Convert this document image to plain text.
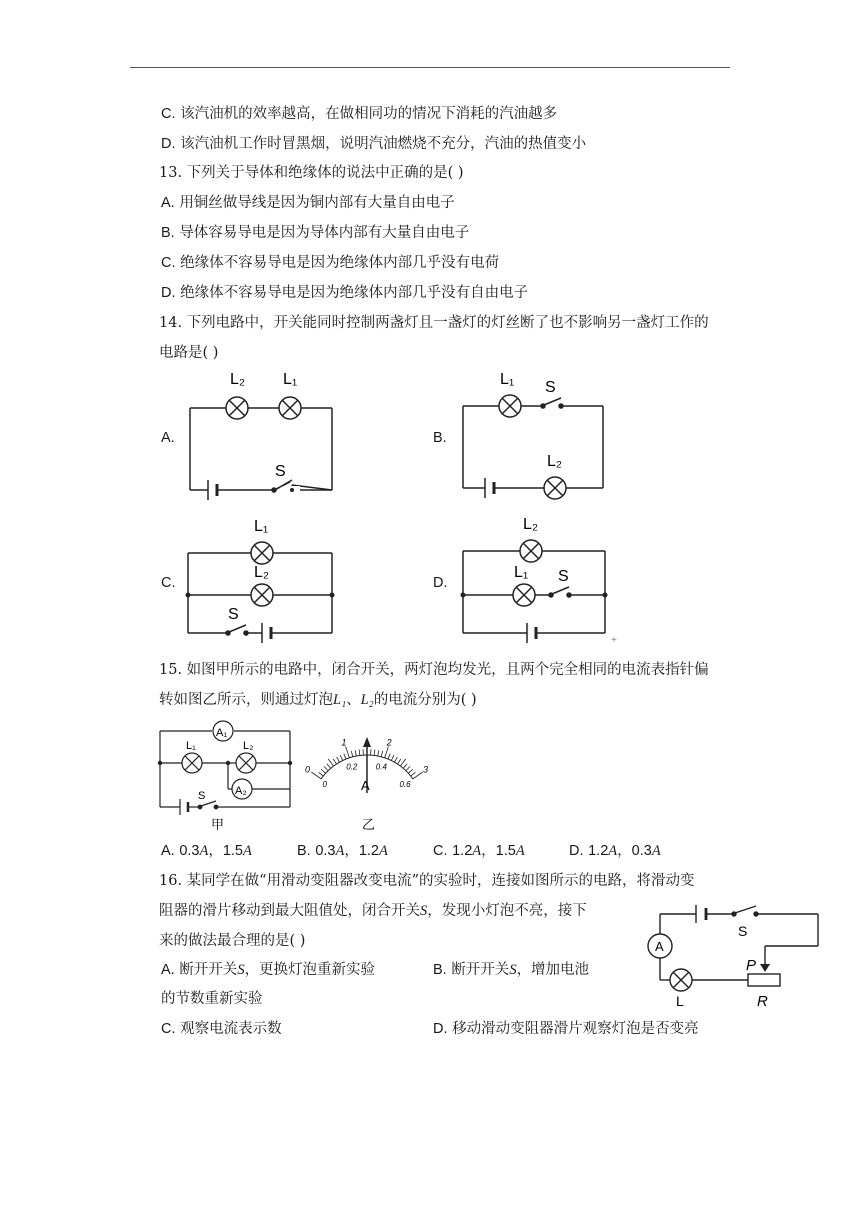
C. 该汽油机的效率越高，在做相同功的情况下消耗的汽油越多
D. 该汽油机工作时冒黑烟，说明汽油燃烧不充分，汽油的热值变小
13. 下列关于导体和绝缘体的说法中正确的是( )
A. 用铜丝做导线是因为铜内部有大量自由电子
B. 导体容易导电是因为导体内部有大量自由电子
C. 绝缘体不容易导电是因为绝缘体内部几乎没有电荷
D. 绝缘体不容易导电是因为绝缘体内部几乎没有自由电子
14. 下列电路中，开关能同时控制两盏灯且一盏灯的灯丝断了也不影响另一盏灯工作的
电路是( )
A.	B.
C.	D.
L₂ L₁
S
L₁ S
L₂
L₁
L₂
S
L₂
L₁ S
+
15. 如图甲所示的电路中，闭合开关，两灯泡均发光，且两个完全相同的电流表指针偏
转如图乙所示，则通过灯泡L₁、L₂的电流分别为( )
A₁
A₂
L₁	L₂
S
甲
0
1	2
3
0
0.2 0.4
0.6
A
乙
A. 0.3A，1.5A	B. 0.3A，1.2A	C. 1.2A，1.5A	D. 1.2A，0.3A
16. 某同学在做“用滑动变阻器改变电流”的实验时，连接如图所示的电路，将滑动变
阻器的滑片移动到最大阻值处，闭合开关S，发现小灯泡不亮，接下
来的做法最合理的是( )
A. 断开开关S，更换灯泡重新实验	B. 断开开关S，增加电池
的节数重新实验
C. 观察电流表示数	D. 移动滑动变阻器滑片观察灯泡是否变亮
A
S
P
L	R
